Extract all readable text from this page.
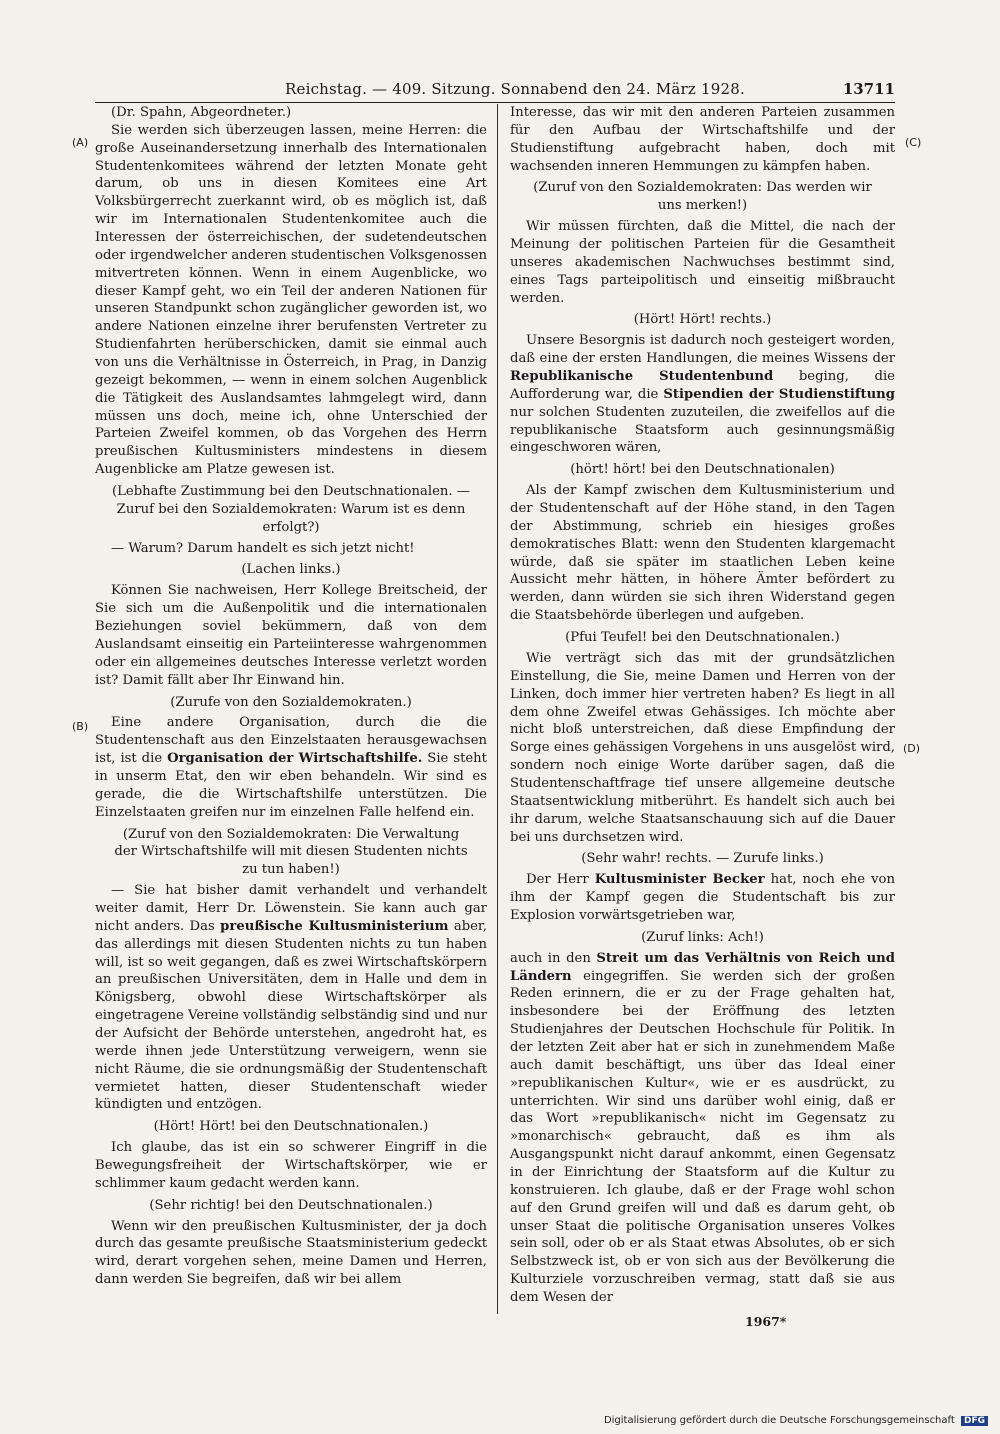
Reichstag. — 409. Sitzung. Sonnabend den 24. März 1928.	13711
(A)
(B)
(C)
(D)

(Dr. Spahn, Abgeordneter.)

Sie werden sich überzeugen lassen, meine Herren: die große Auseinandersetzung innerhalb des Internationalen Studentenkomitees während der letzten Monate geht darum, ob uns in diesen Komitees eine Art Volksbürgerrecht zuerkannt wird, ob es möglich ist, daß wir im Internationalen Studentenkomitee auch die Interessen der österreichischen, der sudetendeutschen oder irgendwelcher anderen studentischen Volksgenossen mitvertreten können. Wenn in einem Augenblicke, wo dieser Kampf geht, wo ein Teil der anderen Nationen für unseren Standpunkt schon zugänglicher geworden ist, wo andere Nationen einzelne ihrer berufensten Vertreter zu Studienfahrten herüberschicken, damit sie einmal auch von uns die Verhältnisse in Österreich, in Prag, in Danzig gezeigt bekommen, — wenn in einem solchen Augenblick die Tätigkeit des Auslandsamtes lahmgelegt wird, dann müssen uns doch, meine ich, ohne Unterschied der Parteien Zweifel kommen, ob das Vorgehen des Herrn preußischen Kultusministers mindestens in diesem Augenblicke am Platze gewesen ist.

(Lebhafte Zustimmung bei den Deutschnationalen. — Zuruf bei den Sozialdemokraten: Warum ist es denn erfolgt?)

— Warum? Darum handelt es sich jetzt nicht!

(Lachen links.)

Können Sie nachweisen, Herr Kollege Breitscheid, der Sie sich um die Außenpolitik und die internationalen Beziehungen soviel bekümmern, daß von dem Auslandsamt einseitig ein Parteiinteresse wahrgenommen oder ein allgemeines deutsches Interesse verletzt worden ist? Damit fällt aber Ihr Einwand hin.

(Zurufe von den Sozialdemokraten.)

Eine andere Organisation, durch die die Studentenschaft aus den Einzelstaaten herausgewachsen ist, ist die Organisation der Wirtschaftshilfe. Sie steht in unserm Etat, den wir eben behandeln. Wir sind es gerade, die die Wirtschaftshilfe unterstützen. Die Einzelstaaten greifen nur im einzelnen Falle helfend ein.

(Zuruf von den Sozialdemokraten: Die Verwaltung der Wirtschaftshilfe will mit diesen Studenten nichts zu tun haben!)

— Sie hat bisher damit verhandelt und verhandelt weiter damit, Herr Dr. Löwenstein. Sie kann auch gar nicht anders. Das preußische Kultusministerium aber, das allerdings mit diesen Studenten nichts zu tun haben will, ist so weit gegangen, daß es zwei Wirtschaftskörpern an preußischen Universitäten, dem in Halle und dem in Königsberg, obwohl diese Wirtschaftskörper als eingetragene Vereine vollständig selbständig sind und nur der Aufsicht der Behörde unterstehen, angedroht hat, es werde ihnen jede Unterstützung verweigern, wenn sie nicht Räume, die sie ordnungsmäßig der Studentenschaft vermietet hatten, dieser Studentenschaft wieder kündigten und entzögen.

(Hört! Hört! bei den Deutschnationalen.)

Ich glaube, das ist ein so schwerer Eingriff in die Bewegungsfreiheit der Wirtschaftskörper, wie er schlimmer kaum gedacht werden kann.

(Sehr richtig! bei den Deutschnationalen.)

Wenn wir den preußischen Kultusminister, der ja doch durch das gesamte preußische Staatsministerium gedeckt wird, derart vorgehen sehen, meine Damen und Herren, dann werden Sie begreifen, daß wir bei allem

Interesse, das wir mit den anderen Parteien zusammen für den Aufbau der Wirtschaftshilfe und der Studienstiftung aufgebracht haben, doch mit wachsenden inneren Hemmungen zu kämpfen haben.

(Zuruf von den Sozialdemokraten: Das werden wir uns merken!)

Wir müssen fürchten, daß die Mittel, die nach der Meinung der politischen Parteien für die Gesamtheit unseres akademischen Nachwuchses bestimmt sind, eines Tags parteipolitisch und einseitig mißbraucht werden.

(Hört! Hört! rechts.)

Unsere Besorgnis ist dadurch noch gesteigert worden, daß eine der ersten Handlungen, die meines Wissens der Republikanische Studentenbund beging, die Aufforderung war, die Stipendien der Studienstiftung nur solchen Studenten zuzuteilen, die zweifellos auf die republikanische Staatsform auch gesinnungsmäßig eingeschworen wären,

(hört! hört! bei den Deutschnationalen)

Als der Kampf zwischen dem Kultusministerium und der Studentenschaft auf der Höhe stand, in den Tagen der Abstimmung, schrieb ein hiesiges großes demokratisches Blatt: wenn den Studenten klargemacht würde, daß sie später im staatlichen Leben keine Aussicht mehr hätten, in höhere Ämter befördert zu werden, dann würden sie sich ihren Widerstand gegen die Staatsbehörde überlegen und aufgeben.

(Pfui Teufel! bei den Deutschnationalen.)

Wie verträgt sich das mit der grundsätzlichen Einstellung, die Sie, meine Damen und Herren von der Linken, doch immer hier vertreten haben? Es liegt in all dem ohne Zweifel etwas Gehässiges. Ich möchte aber nicht bloß unterstreichen, daß diese Empfindung der Sorge eines gehässigen Vorgehens in uns ausgelöst wird, sondern noch einige Worte darüber sagen, daß die Studentenschaftfrage tief unsere allgemeine deutsche Staatsentwicklung mitberührt. Es handelt sich auch bei ihr darum, welche Staatsanschauung sich auf die Dauer bei uns durchsetzen wird.

(Sehr wahr! rechts. — Zurufe links.)

Der Herr Kultusminister Becker hat, noch ehe von ihm der Kampf gegen die Studentschaft bis zur Explosion vorwärtsgetrieben war,

(Zuruf links: Ach!)

auch in den Streit um das Verhältnis von Reich und Ländern eingegriffen. Sie werden sich der großen Reden erinnern, die er zu der Frage gehalten hat, insbesondere bei der Eröffnung des letzten Studienjahres der Deutschen Hochschule für Politik. In der letzten Zeit aber hat er sich in zunehmendem Maße auch damit beschäftigt, uns über das Ideal einer »republikanischen Kultur«, wie er es ausdrückt, zu unterrichten. Wir sind uns darüber wohl einig, daß er das Wort »republikanisch« nicht im Gegensatz zu »monarchisch« gebraucht, daß es ihm als Ausgangspunkt nicht darauf ankommt, einen Gegensatz in der Einrichtung der Staatsform auf die Kultur zu konstruieren. Ich glaube, daß er der Frage wohl schon auf den Grund greifen will und daß es darum geht, ob unser Staat die politische Organisation unseres Volkes sein soll, oder ob er als Staat etwas Absolutes, ob er sich Selbstzweck ist, ob er von sich aus der Bevölkerung die Kulturziele vorzuschreiben vermag, statt daß sie aus dem Wesen der

1967*
Digitalisierung gefördert durch die Deutsche Forschungsgemeinschaft DFG
